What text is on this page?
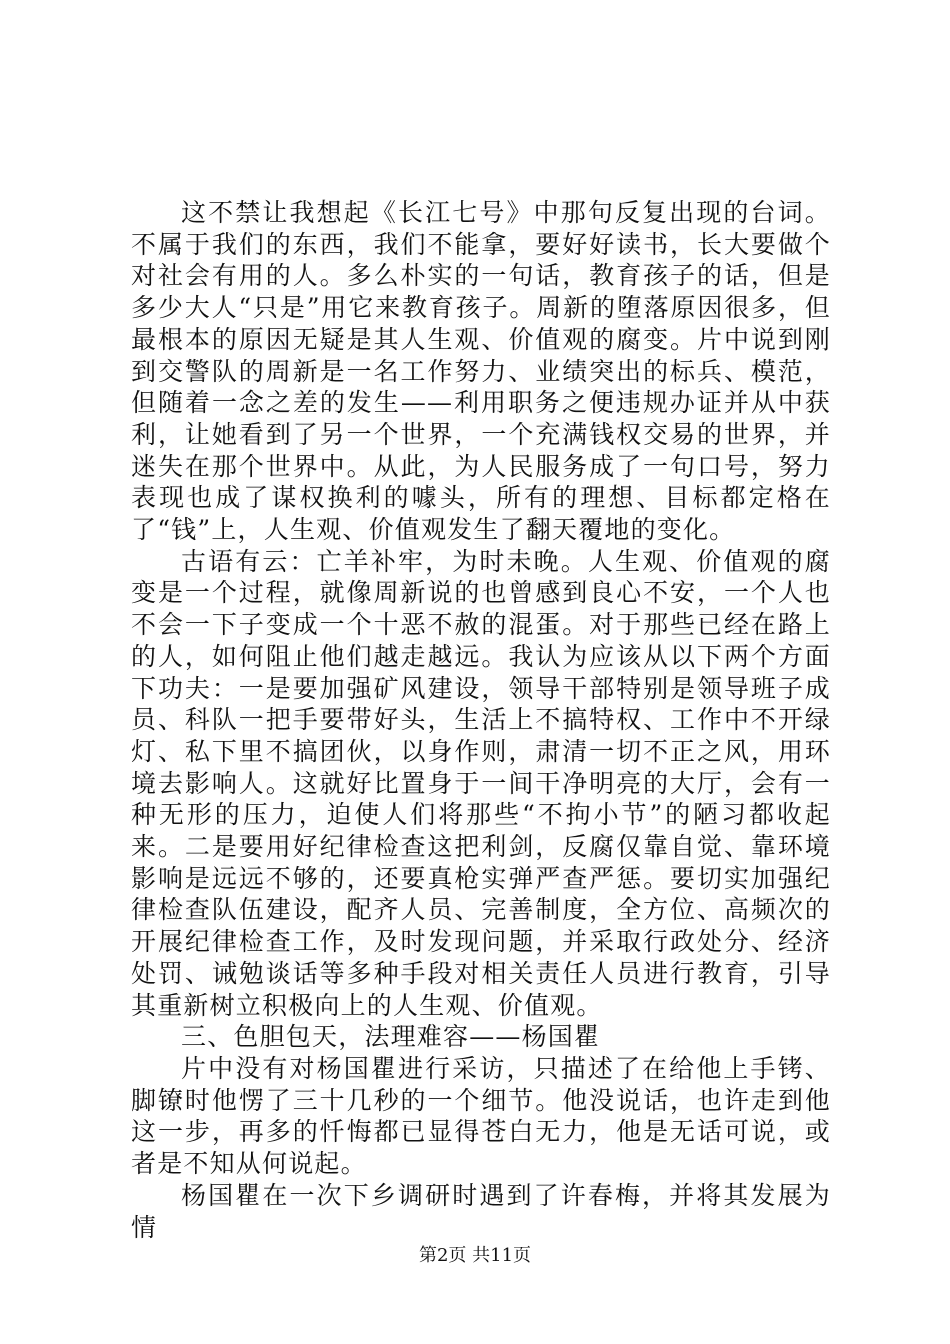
这不禁让我想起《长江七号》中那句反复出现的台词。不属于我们的东西，我们不能拿，要好好读书，长大要做个对社会有用的人。多么朴实的一句话，教育孩子的话，但是多少大人“只是”用它来教育孩子。周新的堕落原因很多，但最根本的原因无疑是其人生观、价值观的腐变。片中说到刚到交警队的周新是一名工作努力、业绩突出的标兵、模范，但随着一念之差的发生——利用职务之便违规办证并从中获利，让她看到了另一个世界，一个充满钱权交易的世界，并迷失在那个世界中。从此，为人民服务成了一句口号，努力表现也成了谋权换利的噱头，所有的理想、目标都定格在了“钱”上，人生观、价值观发生了翻天覆地的变化。

古语有云：亡羊补牢，为时未晚。人生观、价值观的腐变是一个过程，就像周新说的也曾感到良心不安，一个人也不会一下子变成一个十恶不赦的混蛋。对于那些已经在路上的人，如何阻止他们越走越远。我认为应该从以下两个方面下功夫：一是要加强矿风建设，领导干部特别是领导班子成员、科队一把手要带好头，生活上不搞特权、工作中不开绿灯、私下里不搞团伙，以身作则，肃清一切不正之风，用环境去影响人。这就好比置身于一间干净明亮的大厅，会有一种无形的压力，迫使人们将那些“不拘小节”的陋习都收起来。二是要用好纪律检查这把利剑，反腐仅靠自觉、靠环境影响是远远不够的，还要真枪实弹严查严惩。要切实加强纪律检查队伍建设，配齐人员、完善制度，全方位、高频次的开展纪律检查工作，及时发现问题，并采取行政处分、经济处罚、诫勉谈话等多种手段对相关责任人员进行教育，引导其重新树立积极向上的人生观、价值观。

三、色胆包天，法理难容——杨国瞿

片中没有对杨国瞿进行采访，只描述了在给他上手铐、脚镣时他愣了三十几秒的一个细节。他没说话，也许走到他这一步，再多的忏悔都已显得苍白无力，他是无话可说，或者是不知从何说起。

杨国瞿在一次下乡调研时遇到了许春梅，并将其发展为情

第2页 共11页
